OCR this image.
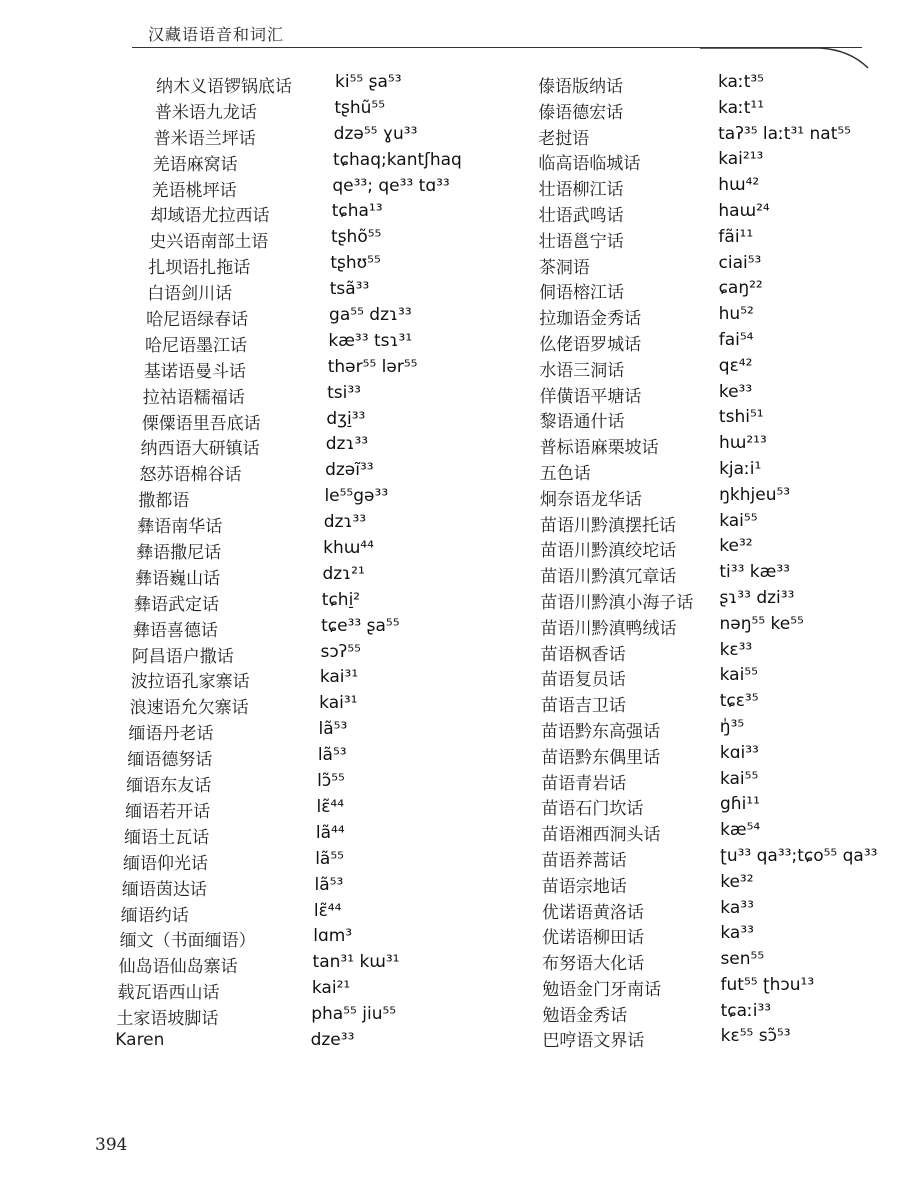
汉藏语语音和词汇
纳木义语锣锅底话	ki⁵⁵ ʂa⁵³
普米语九龙话	tʂhũ⁵⁵
普米语兰坪话	dzə⁵⁵ ɣu³³
羌语麻窝话	tɕhaq;kantʃhaq
羌语桃坪话	qe³³; qe³³ tɑ³³
却域语尤拉西话	tɕha¹³
史兴语南部土语	tʂhõ⁵⁵
扎坝语扎拖话	tʂhʊ⁵⁵
白语剑川话	tsã³³
哈尼语绿春话	ga⁵⁵ dzɿ³³
哈尼语墨江话	kæ³³ tsɿ³¹
基诺语曼斗话	thər⁵⁵ lər⁵⁵
拉祜语糯福话	tsi³³
傈僳语里吾底话	dʒi̠³³
纳西语大研镇话	dzɿ³³
怒苏语棉谷话	dzəĩ³³
撒都语	le⁵⁵gə³³
彝语南华话	dzɿ³³
彝语撒尼话	khɯ⁴⁴
彝语巍山话	dzɿ²¹
彝语武定话	tɕhi̠²
彝语喜德话	tɕe³³ ʂa⁵⁵
阿昌语户撒话	sɔʔ⁵⁵
波拉语孔家寨话	kai³¹
浪速语允欠寨话	kai³¹
缅语丹老话	lã⁵³
缅语德努话	lã⁵³
缅语东友话	lɔ̃⁵⁵
缅语若开话	lɛ̃⁴⁴
缅语土瓦话	lã⁴⁴
缅语仰光话	lã⁵⁵
缅语茵达话	lã⁵³
缅语约话	lɛ̃⁴⁴
缅文（书面缅语）	lɑm³
仙岛语仙岛寨话	tan³¹ kɯ³¹
载瓦语西山话	kai²¹
土家语坡脚话	pha⁵⁵ jiu⁵⁵
Karen	dze³³
傣语版纳话	kaːt³⁵
傣语德宏话	kaːt¹¹
老挝语	taʔ³⁵ laːt³¹ nat⁵⁵
临高语临城话	kai²¹³
壮语柳江话	hɯ⁴²
壮语武鸣话	haɯ²⁴
壮语邕宁话	fãi¹¹
茶洞语	ciai⁵³
侗语榕江话	ɕaŋ²²
拉珈语金秀话	hu⁵²
仫佬语罗城话	fai⁵⁴
水语三洞话	qɛ⁴²
佯僙语平塘话	ke³³
黎语通什话	tshi⁵¹
普标语麻栗坡话	hɯ²¹³
五色话	kjaːi¹
炯奈语龙华话	ŋkhjeu⁵³
苗语川黔滇摆托话	kai⁵⁵
苗语川黔滇绞坨话	ke³²
苗语川黔滇冗章话	ti³³ kæ³³
苗语川黔滇小海子话 ʂɿ³³ dzi³³
苗语川黔滇鸭绒话	nəŋ⁵⁵ ke⁵⁵
苗语枫香话	kɛ³³
苗语复员话	kai⁵⁵
苗语吉卫话	tɕɛ³⁵
苗语黔东高强话	ŋ̍³⁵
苗语黔东偶里话	kɑi³³
苗语青岩话	kai⁵⁵
苗语石门坎话	gɦi¹¹
苗语湘西洞头话	kæ⁵⁴
苗语养蒿话	ʈu³³ qa³³;tɕo⁵⁵ qa³³
苗语宗地话	ke³²
优诺语黄洛话	ka³³
优诺语柳田话	ka³³
布努语大化话	sen⁵⁵
勉语金门牙南话	fut⁵⁵ ʈhɔu¹³
勉语金秀话	tɕaːi³³
巴哼语文界话	kɛ⁵⁵ sɔ̃⁵³
394
